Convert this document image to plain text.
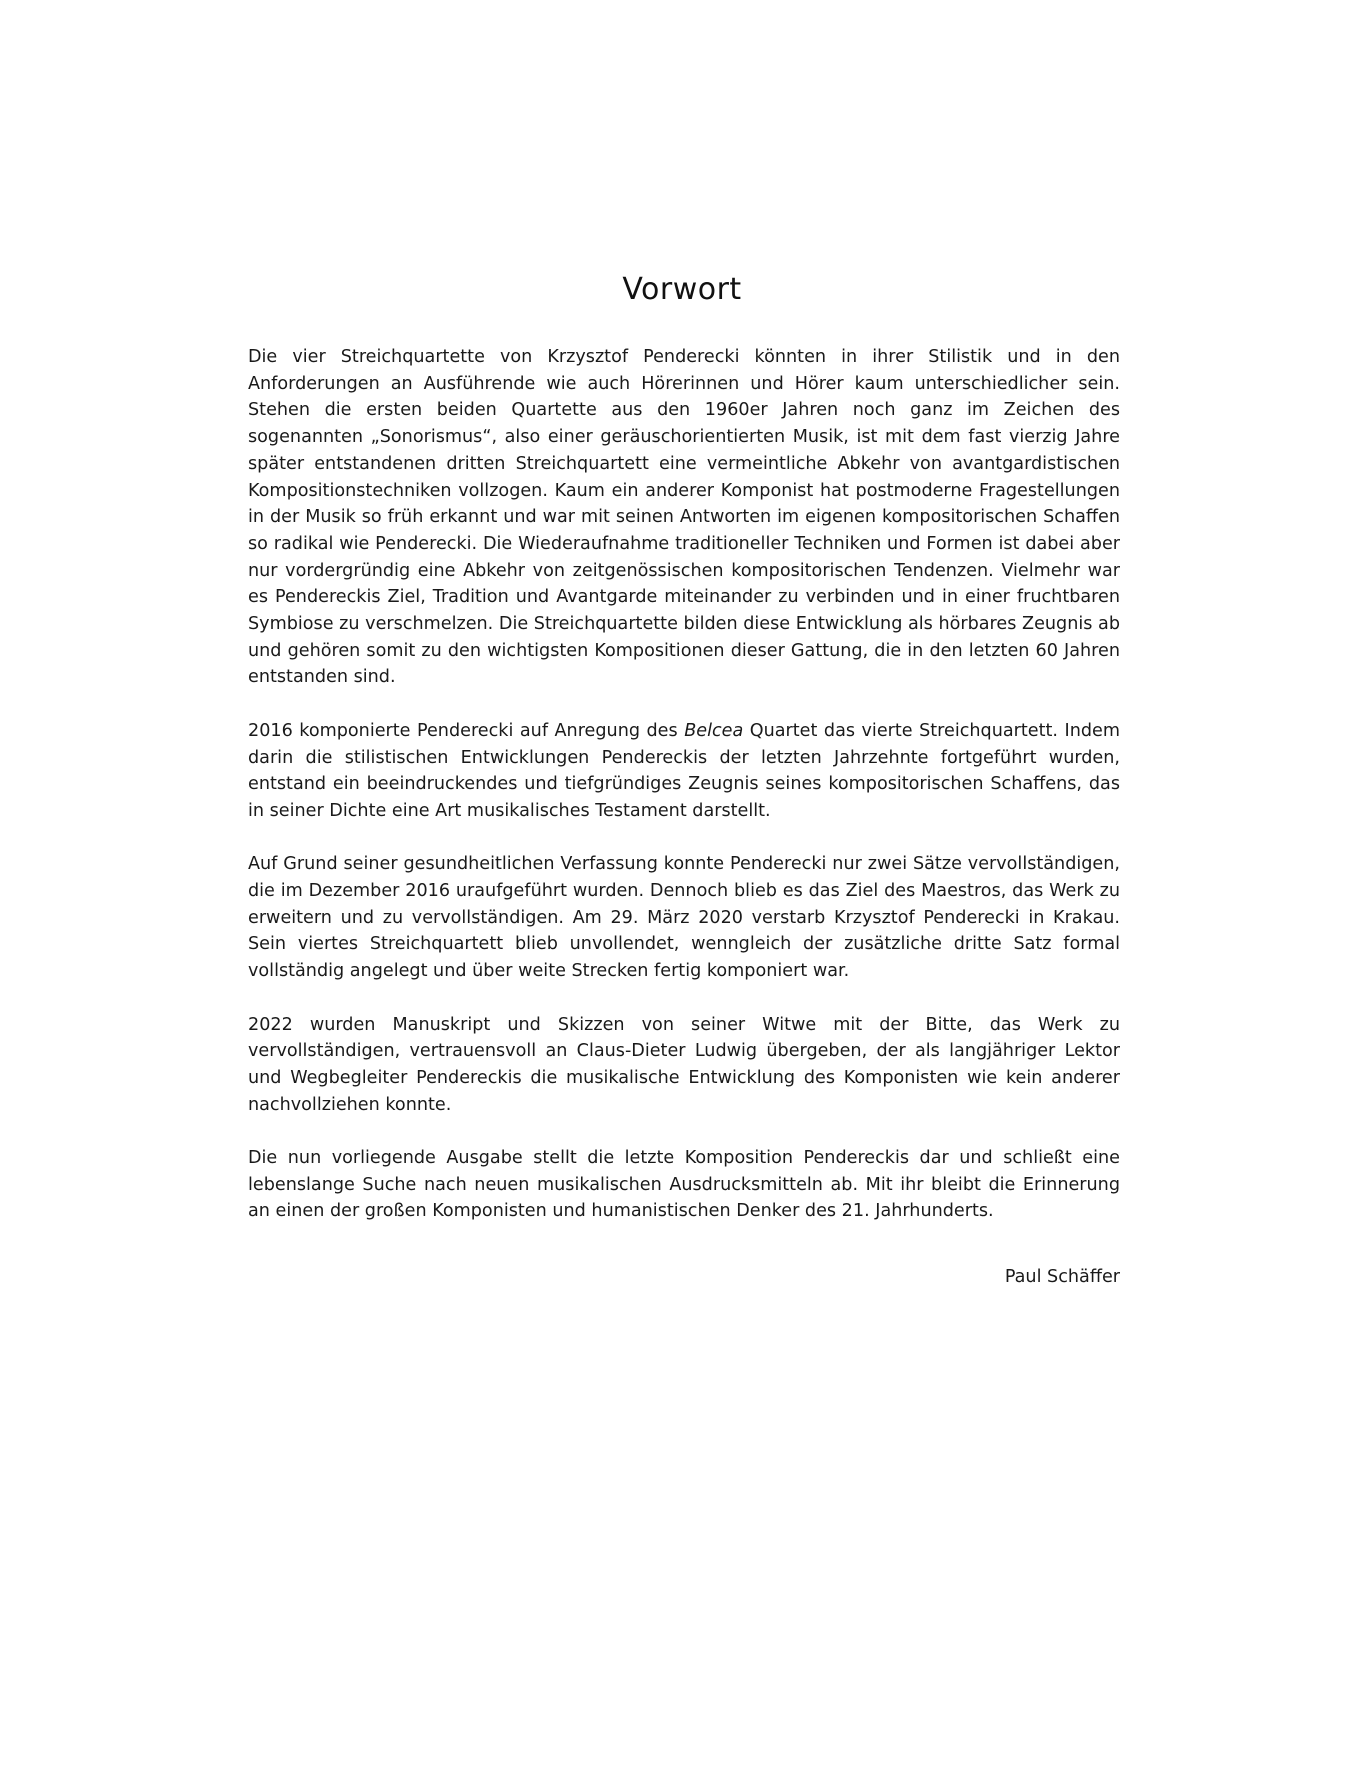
Vorwort

Die vier Streichquartette von Krzysztof Penderecki könnten in ihrer Stilistik und in den Anforderungen an Ausführende wie auch Hörerinnen und Hörer kaum unterschiedlicher sein. Stehen die ersten beiden Quartette aus den 1960er Jahren noch ganz im Zeichen des sogenannten „Sonorismus“, also einer geräuschorientierten Musik, ist mit dem fast vierzig Jahre später entstandenen dritten Streichquartett eine vermeintliche Abkehr von avantgardistischen Kompositionstechniken vollzogen. Kaum ein anderer Komponist hat postmoderne Fragestellungen in der Musik so früh erkannt und war mit seinen Antworten im eigenen kompositorischen Schaffen so radikal wie Penderecki. Die Wiederaufnahme traditioneller Techniken und Formen ist dabei aber nur vordergründig eine Abkehr von zeitgenössischen kompositorischen Tendenzen. Vielmehr war es Pendereckis Ziel, Tradition und Avantgarde miteinander zu verbinden und in einer fruchtbaren Symbiose zu verschmelzen. Die Streichquartette bilden diese Entwicklung als hörbares Zeugnis ab und gehören somit zu den wichtigsten Kompositionen dieser Gattung, die in den letzten 60 Jahren entstanden sind.

2016 komponierte Penderecki auf Anregung des Belcea Quartet das vierte Streichquartett. Indem darin die stilistischen Entwicklungen Pendereckis der letzten Jahrzehnte fortgeführt wurden, entstand ein beeindruckendes und tiefgründiges Zeugnis seines kompositorischen Schaffens, das in seiner Dichte eine Art musikalisches Testament darstellt.

Auf Grund seiner gesundheitlichen Verfassung konnte Penderecki nur zwei Sätze vervollständigen, die im Dezember 2016 uraufgeführt wurden. Dennoch blieb es das Ziel des Maestros, das Werk zu erweitern und zu vervollständigen. Am 29. März 2020 verstarb Krzysztof Penderecki in Krakau. Sein viertes Streichquartett blieb unvollendet, wenngleich der zusätzliche dritte Satz formal vollständig angelegt und über weite Strecken fertig komponiert war.

2022 wurden Manuskript und Skizzen von seiner Witwe mit der Bitte, das Werk zu vervollständigen, vertrauensvoll an Claus-Dieter Ludwig übergeben, der als langjähriger Lektor und Wegbegleiter Pendereckis die musikalische Entwicklung des Komponisten wie kein anderer nachvollziehen konnte.

Die nun vorliegende Ausgabe stellt die letzte Komposition Pendereckis dar und schließt eine lebenslange Suche nach neuen musikalischen Ausdrucksmitteln ab. Mit ihr bleibt die Erinnerung an einen der großen Komponisten und humanistischen Denker des 21. Jahrhunderts.

Paul Schäffer
